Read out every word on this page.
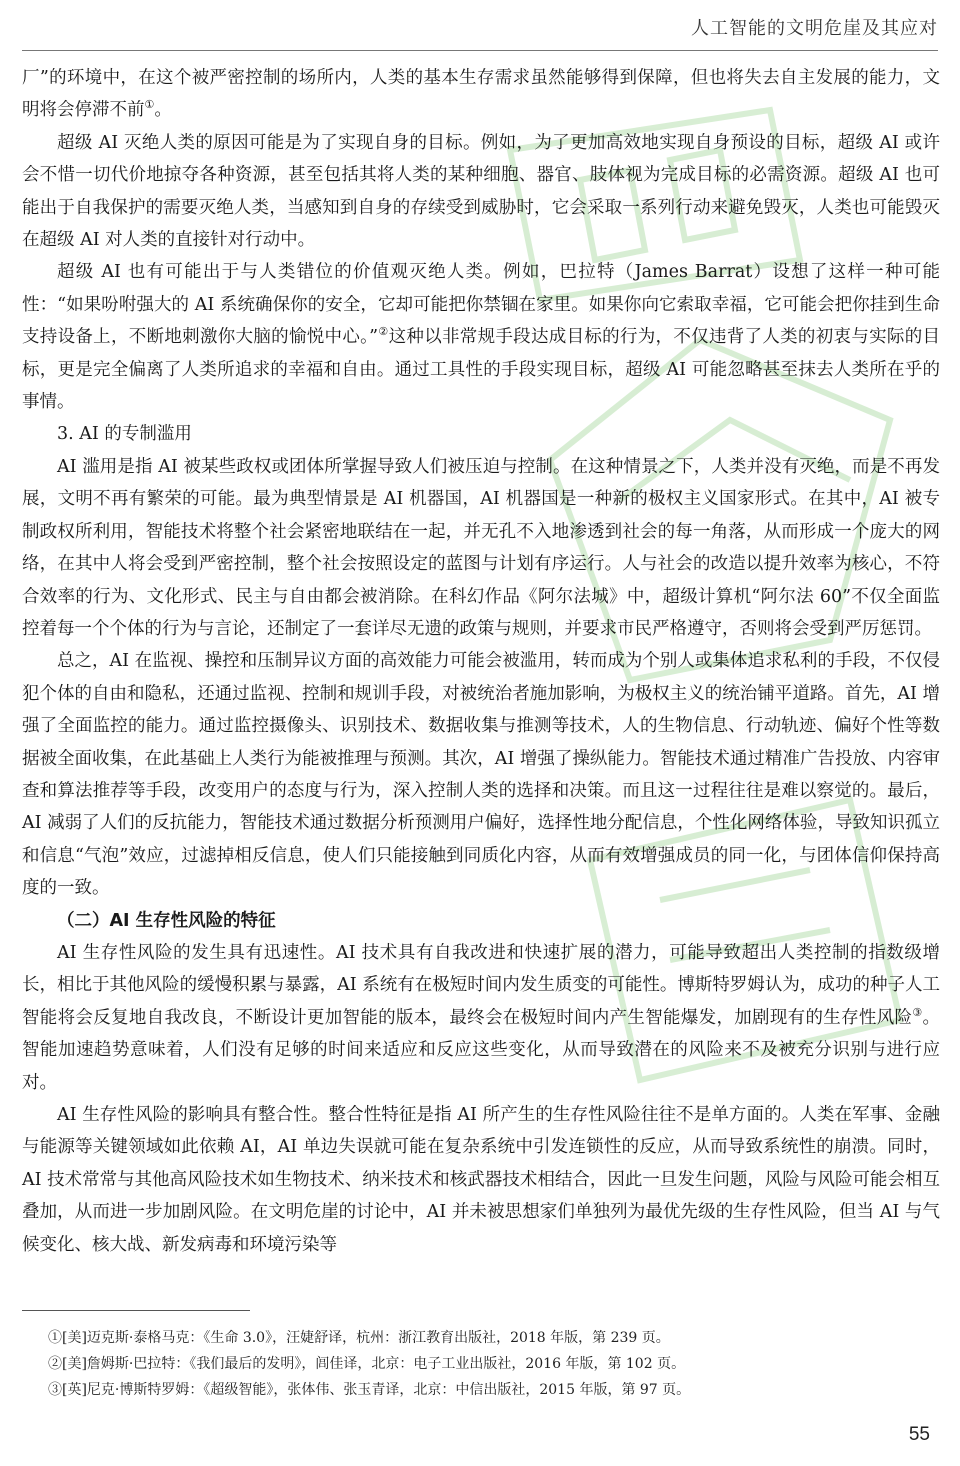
人工智能的文明危崖及其应对

厂”的环境中，在这个被严密控制的场所内，人类的基本生存需求虽然能够得到保障，但也将失去自主发展的能力，文明将会停滞不前①。

超级 AI 灭绝人类的原因可能是为了实现自身的目标。例如，为了更加高效地实现自身预设的目标，超级 AI 或许会不惜一切代价地掠夺各种资源，甚至包括其将人类的某种细胞、器官、肢体视为完成目标的必需资源。超级 AI 也可能出于自我保护的需要灭绝人类，当感知到自身的存续受到威胁时，它会采取一系列行动来避免毁灭，人类也可能毁灭在超级 AI 对人类的直接针对行动中。

超级 AI 也有可能出于与人类错位的价值观灭绝人类。例如，巴拉特（James Barrat）设想了这样一种可能性：“如果吩咐强大的 AI 系统确保你的安全，它却可能把你禁锢在家里。如果你向它索取幸福，它可能会把你挂到生命支持设备上，不断地刺激你大脑的愉悦中心。”②这种以非常规手段达成目标的行为，不仅违背了人类的初衷与实际的目标，更是完全偏离了人类所追求的幸福和自由。通过工具性的手段实现目标，超级 AI 可能忽略甚至抹去人类所在乎的事情。

3. AI 的专制滥用

AI 滥用是指 AI 被某些政权或团体所掌握导致人们被压迫与控制。在这种情景之下，人类并没有灭绝，而是不再发展，文明不再有繁荣的可能。最为典型情景是 AI 机器国，AI 机器国是一种新的极权主义国家形式。在其中，AI 被专制政权所利用，智能技术将整个社会紧密地联结在一起，并无孔不入地渗透到社会的每一角落，从而形成一个庞大的网络，在其中人将会受到严密控制，整个社会按照设定的蓝图与计划有序运行。人与社会的改造以提升效率为核心，不符合效率的行为、文化形式、民主与自由都会被消除。在科幻作品《阿尔法城》中，超级计算机“阿尔法 60”不仅全面监控着每一个个体的行为与言论，还制定了一套详尽无遗的政策与规则，并要求市民严格遵守，否则将会受到严厉惩罚。

总之，AI 在监视、操控和压制异议方面的高效能力可能会被滥用，转而成为个别人或集体追求私利的手段，不仅侵犯个体的自由和隐私，还通过监视、控制和规训手段，对被统治者施加影响，为极权主义的统治铺平道路。首先，AI 增强了全面监控的能力。通过监控摄像头、识别技术、数据收集与推测等技术，人的生物信息、行动轨迹、偏好个性等数据被全面收集，在此基础上人类行为能被推理与预测。其次，AI 增强了操纵能力。智能技术通过精准广告投放、内容审查和算法推荐等手段，改变用户的态度与行为，深入控制人类的选择和决策。而且这一过程往往是难以察觉的。最后，AI 减弱了人们的反抗能力，智能技术通过数据分析预测用户偏好，选择性地分配信息，个性化网络体验，导致知识孤立和信息“气泡”效应，过滤掉相反信息，使人们只能接触到同质化内容，从而有效增强成员的同一化，与团体信仰保持高度的一致。

（二）AI 生存性风险的特征

AI 生存性风险的发生具有迅速性。AI 技术具有自我改进和快速扩展的潜力，可能导致超出人类控制的指数级增长，相比于其他风险的缓慢积累与暴露，AI 系统有在极短时间内发生质变的可能性。博斯特罗姆认为，成功的种子人工智能将会反复地自我改良，不断设计更加智能的版本，最终会在极短时间内产生智能爆发，加剧现有的生存性风险③。智能加速趋势意味着，人们没有足够的时间来适应和反应这些变化，从而导致潜在的风险来不及被充分识别与进行应对。

AI 生存性风险的影响具有整合性。整合性特征是指 AI 所产生的生存性风险往往不是单方面的。人类在军事、金融与能源等关键领域如此依赖 AI，AI 单边失误就可能在复杂系统中引发连锁性的反应，从而导致系统性的崩溃。同时，AI 技术常常与其他高风险技术如生物技术、纳米技术和核武器技术相结合，因此一旦发生问题，风险与风险可能会相互叠加，从而进一步加剧风险。在文明危崖的讨论中，AI 并未被思想家们单独列为最优先级的生存性风险，但当 AI 与气候变化、核大战、新发病毒和环境污染等

①[美]迈克斯·泰格马克：《生命 3.0》，汪婕舒译，杭州：浙江教育出版社，2018 年版，第 239 页。
②[美]詹姆斯·巴拉特：《我们最后的发明》，闾佳译，北京：电子工业出版社，2016 年版，第 102 页。
③[英]尼克·博斯特罗姆：《超级智能》，张体伟、张玉青译，北京：中信出版社，2015 年版，第 97 页。
55
